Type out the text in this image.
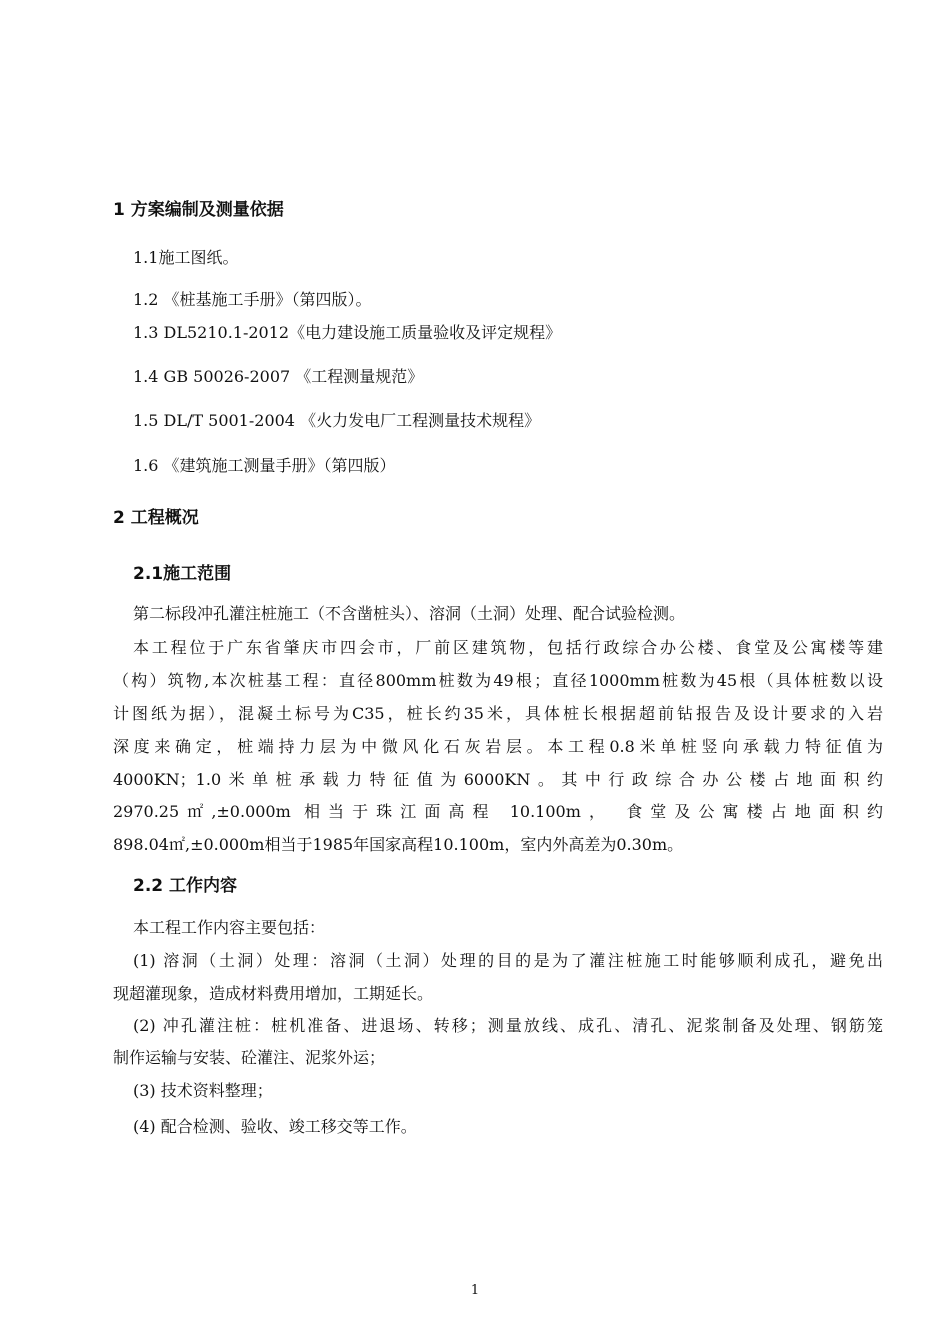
1 方案编制及测量依据
1.1施工图纸。
1.2 《桩基施工手册》（第四版）。
1.3 DL5210.1-2012《电力建设施工质量验收及评定规程》
1.4 GB 50026-2007 《工程测量规范》
1.5 DL/T 5001-2004 《火力发电厂工程测量技术规程》
1.6 《建筑施工测量手册》（第四版）
2 工程概况
2.1施工范围
第二标段冲孔灌注桩施工（不含凿桩头）、溶洞（土洞）处理、配合试验检测。
本工程位于广东省肇庆市四会市，厂前区建筑物，包括行政综合办公楼、食堂及公寓楼等建
（构）筑物,本次桩基工程：直径800mm桩数为49根；直径1000mm桩数为45根（具体桩数以设
计图纸为据），混凝土标号为C35，桩长约35米，具体桩长根据超前钻报告及设计要求的入岩
深度来确定，桩端持力层为中微风化石灰岩层。本工程0.8米单桩竖向承载力特征值为
4000KN；1.0米单桩承载力特征值为6000KN。其中行政综合办公楼占地面积约
2970.25㎡,±0.000m 相当于珠江面高程 10.100m， 食堂及公寓楼占地面积约
898.04㎡,±0.000m相当于1985年国家高程10.100m，室内外高差为0.30m。
2.2 工作内容
本工程工作内容主要包括：
(1) 溶洞（土洞）处理：溶洞（土洞）处理的目的是为了灌注桩施工时能够顺利成孔，避免出
现超灌现象，造成材料费用增加，工期延长。
(2) 冲孔灌注桩：桩机准备、进退场、转移；测量放线、成孔、清孔、泥浆制备及处理、钢筋笼
制作运输与安装、砼灌注、泥浆外运；
(3) 技术资料整理；
(4) 配合检测、验收、竣工移交等工作。
1
